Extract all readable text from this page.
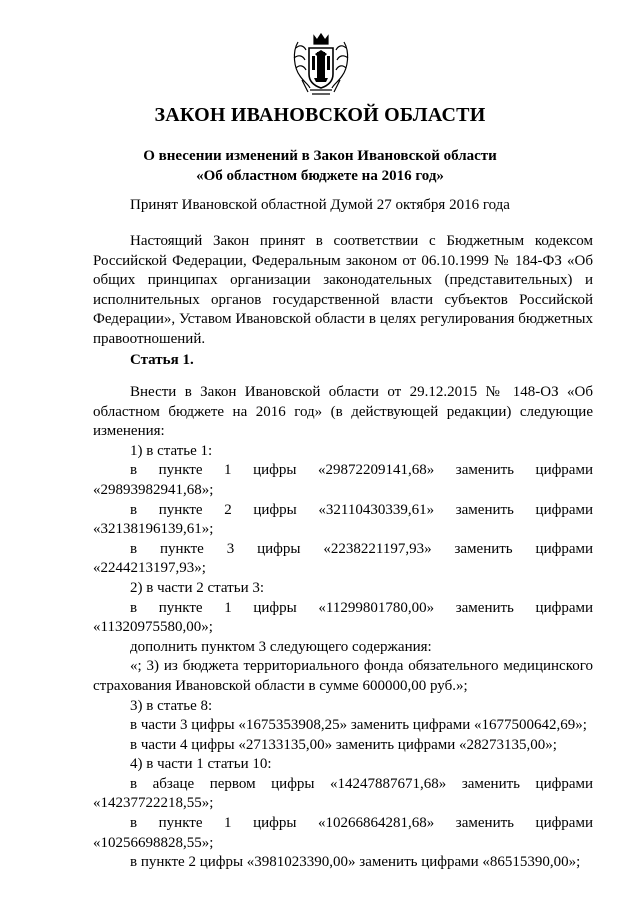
ЗАКОН ИВАНОВСКОЙ ОБЛАСТИ
О внесении изменений в Закон Ивановской области
«Об областном бюджете на 2016 год»
Принят Ивановской областной Думой 27 октября 2016 года

Настоящий Закон принят в соответствии с Бюджетным кодексом Российской Федерации, Федеральным законом от 06.10.1999 № 184-ФЗ «Об общих принципах организации законодательных (представительных) и исполнительных органов государственной власти субъектов Российской Федерации», Уставом Ивановской области в целях регулирования бюджетных правоотношений.

Статья 1.

Внести в Закон Ивановской области от 29.12.2015 № 148-ОЗ «Об областном бюджете на 2016 год» (в действующей редакции) следующие изменения:

1) в статье 1:

в пункте 1 цифры «29872209141,68» заменить цифрами

«29893982941,68»;

в пункте 2 цифры «32110430339,61» заменить цифрами

«32138196139,61»;

в пункте 3 цифры «2238221197,93» заменить цифрами

«2244213197,93»;

2) в части 2 статьи 3:

в пункте 1 цифры «11299801780,00» заменить цифрами

«11320975580,00»;

дополнить пунктом 3 следующего содержания:

«; 3) из бюджета территориального фонда обязательного медицинского

страхования Ивановской области в сумме 600000,00 руб.»;

3) в статье 8:

в части 3 цифры «1675353908,25» заменить цифрами «1677500642,69»;

в части 4 цифры «27133135,00» заменить цифрами «28273135,00»;

4) в части 1 статьи 10:

в абзаце первом цифры «14247887671,68» заменить цифрами

«14237722218,55»;

в пункте 1 цифры «10266864281,68» заменить цифрами

«10256698828,55»;

в пункте 2 цифры «3981023390,00» заменить цифрами «86515390,00»;
